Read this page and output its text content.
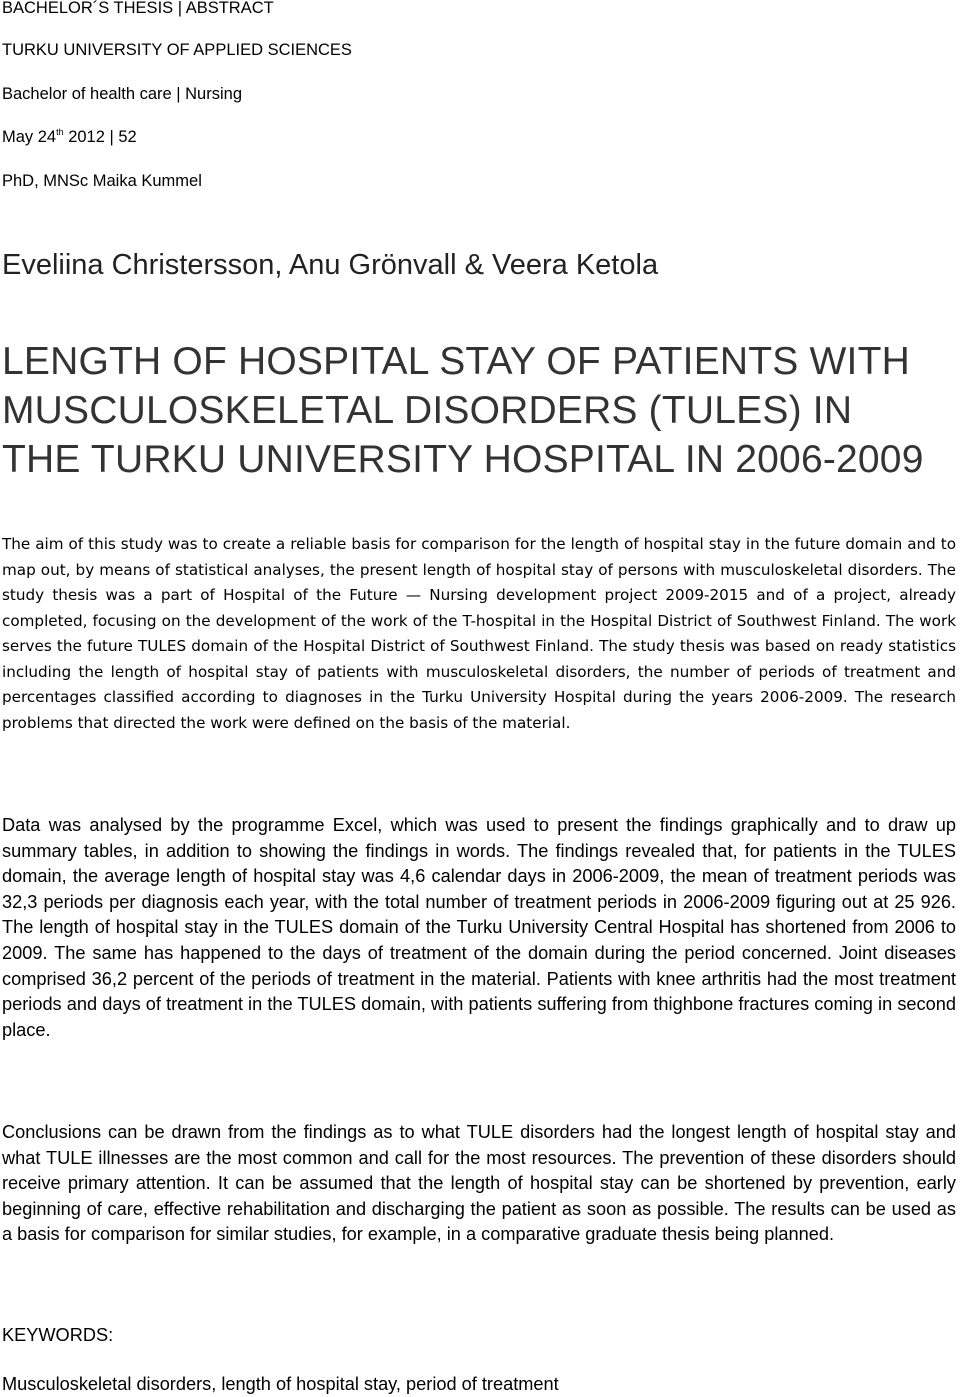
BACHELOR´S THESIS | ABSTRACT
TURKU UNIVERSITY OF APPLIED SCIENCES
Bachelor of health care | Nursing
May 24th 2012 | 52
PhD, MNSc Maika Kummel
Eveliina Christersson, Anu Grönvall & Veera Ketola
LENGTH OF HOSPITAL STAY OF PATIENTS WITH
MUSCULOSKELETAL DISORDERS (TULES) IN
THE TURKU UNIVERSITY HOSPITAL IN 2006-2009

The aim of this study was to create a reliable basis for comparison for the length of hospital stay in the future domain and to map out, by means of statistical analyses, the present length of hospital stay of persons with musculoskeletal disorders. The study thesis was a part of Hospital of the Future — Nursing development project 2009-2015 and of a project, already completed, focusing on the development of the work of the T-hospital in the Hospital District of Southwest Finland. The work serves the future TULES domain of the Hospital District of Southwest Finland. The study thesis was based on ready statistics including the length of hospital stay of patients with musculoskeletal disorders, the number of periods of treatment and percentages classified according to diagnoses in the Turku University Hospital during the years 2006-2009. The research problems that directed the work were defined on the basis of the material.

Data was analysed by the programme Excel, which was used to present the findings graphically and to draw up summary tables, in addition to showing the findings in words. The findings revealed that, for patients in the TULES domain, the average length of hospital stay was 4,6 calendar days in 2006-2009, the mean of treatment periods was 32,3 periods per diagnosis each year, with the total number of treatment periods in 2006-2009 figuring out at 25 926. The length of hospital stay in the TULES domain of the Turku University Central Hospital has shortened from 2006 to 2009. The same has happened to the days of treatment of the domain during the period concerned. Joint diseases comprised 36,2 percent of the periods of treatment in the material. Patients with knee arthritis had the most treatment periods and days of treatment in the TULES domain, with patients suffering from thighbone fractures coming in second place.

Conclusions can be drawn from the findings as to what TULE disorders had the longest length of hospital stay and what TULE illnesses are the most common and call for the most resources. The prevention of these disorders should receive primary attention. It can be assumed that the length of hospital stay can be shortened by prevention, early beginning of care, effective rehabilitation and discharging the patient as soon as possible. The results can be used as a basis for comparison for similar studies, for example, in a comparative graduate thesis being planned.

KEYWORDS:
Musculoskeletal disorders, length of hospital stay, period of treatment
